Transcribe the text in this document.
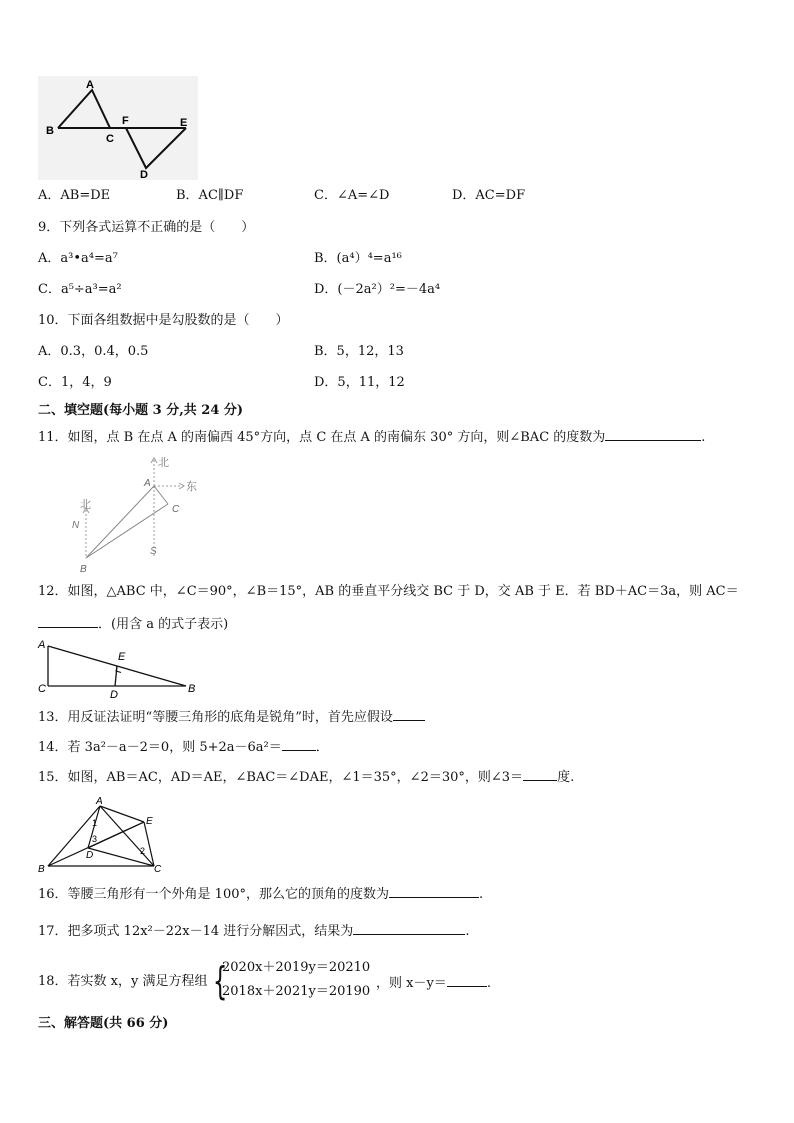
A
B
C
F	E
D
A．AB=DE	B．AC∥DF	C．∠A=∠D	D．AC=DF
9．下列各式运算不正确的是（　　）
A．a³•a⁴=a⁷	B．(a⁴）⁴=a¹⁶
C．a⁵÷a³=a²	D．(－2a²）²=－4a⁴
10．下面各组数据中是勾股数的是（　　）
A．0.3，0.4，0.5	B．5，12，13
C．1，4，9	D．5，11，12
二、填空题(每小题 3 分,共 24 分)
11．如图，点 B 在点 A 的南偏西 45°方向，点 C 在点 A 的南偏东 30° 方向，则∠BAC 的度数为	.
北
东
北
N
S
A
C
B
12．如图，△ABC 中，∠C＝90°，∠B＝15°，AB 的垂直平分线交 BC 于 D，交 AB 于 E．若 BD＋AC＝3a，则 AC＝
．(用含 a 的式子表示)
A
E
C	D	B
13．用反证法证明“等腰三角形的底角是锐角”时，首先应假设
14．若 3a²－a－2＝0，则 5+2a－6a²＝	．
15．如图，AB＝AC，AD＝AE，∠BAC＝∠DAE，∠1＝35°，∠2＝30°，则∠3＝	度.
A
E
1
3
D	2
B	C
16．等腰三角形有一个外角是 100°，那么它的顶角的度数为	.
17．把多项式 12x²－22x－14 进行分解因式，结果为	.
18．若实数 x，y 满足方程组 {
2020x＋2019y＝20210
2018x＋2021y＝20190
，则 x－y＝	.
三、解答题(共 66 分)
